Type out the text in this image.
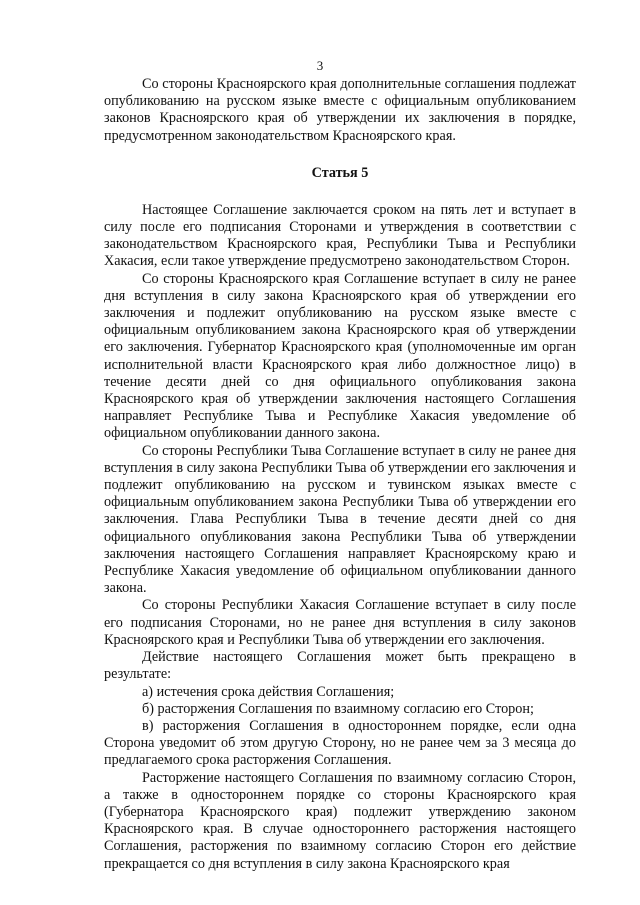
3

Со стороны Красноярского края дополнительные соглашения подлежат опубликованию на русском языке вместе с официальным опубликованием законов Красноярского края об утверждении их заключения в порядке, предусмотренном законодательством Красноярского края.

Статья 5

Настоящее Соглашение заключается сроком на пять лет и вступает в силу после его подписания Сторонами и утверждения в соответствии с законодательством Красноярского края, Республики Тыва и Республики Хакасия, если такое утверждение предусмотрено законодательством Сторон.

Со стороны Красноярского края Соглашение вступает в силу не ранее дня вступления в силу закона Красноярского края об утверждении его заключения и подлежит опубликованию на русском языке вместе с официальным опубликованием закона Красноярского края об утверждении его заключения. Губернатор Красноярского края (уполномоченные им орган исполнительной власти Красноярского края либо должностное лицо) в течение десяти дней со дня официального опубликования закона Красноярского края об утверждении заключения настоящего Соглашения направляет Республике Тыва и Республике Хакасия уведомление об официальном опубликовании данного закона.

Со стороны Республики Тыва Соглашение вступает в силу не ранее дня вступления в силу закона Республики Тыва об утверждении его заключения и подлежит опубликованию на русском и тувинском языках вместе с официальным опубликованием закона Республики Тыва об утверждении его заключения. Глава Республики Тыва в течение десяти дней со дня официального опубликования закона Республики Тыва об утверждении заключения настоящего Соглашения направляет Красноярскому краю и Республике Хакасия уведомление об официальном опубликовании данного закона.

Со стороны Республики Хакасия Соглашение вступает в силу после его подписания Сторонами, но не ранее дня вступления в силу законов Красноярского края и Республики Тыва об утверждении его заключения.

Действие настоящего Соглашения может быть прекращено в результате:

а) истечения срока действия Соглашения;

б) расторжения Соглашения по взаимному согласию его Сторон;

в) расторжения Соглашения в одностороннем порядке, если одна Сторона уведомит об этом другую Сторону, но не ранее чем за 3 месяца до предлагаемого срока расторжения Соглашения.

Расторжение настоящего Соглашения по взаимному согласию Сторон, а также в одностороннем порядке со стороны Красноярского края (Губернатора Красноярского края) подлежит утверждению законом Красноярского края. В случае одностороннего расторжения настоящего Соглашения, расторжения по взаимному согласию Сторон его действие прекращается со дня вступления в силу закона Красноярского края
